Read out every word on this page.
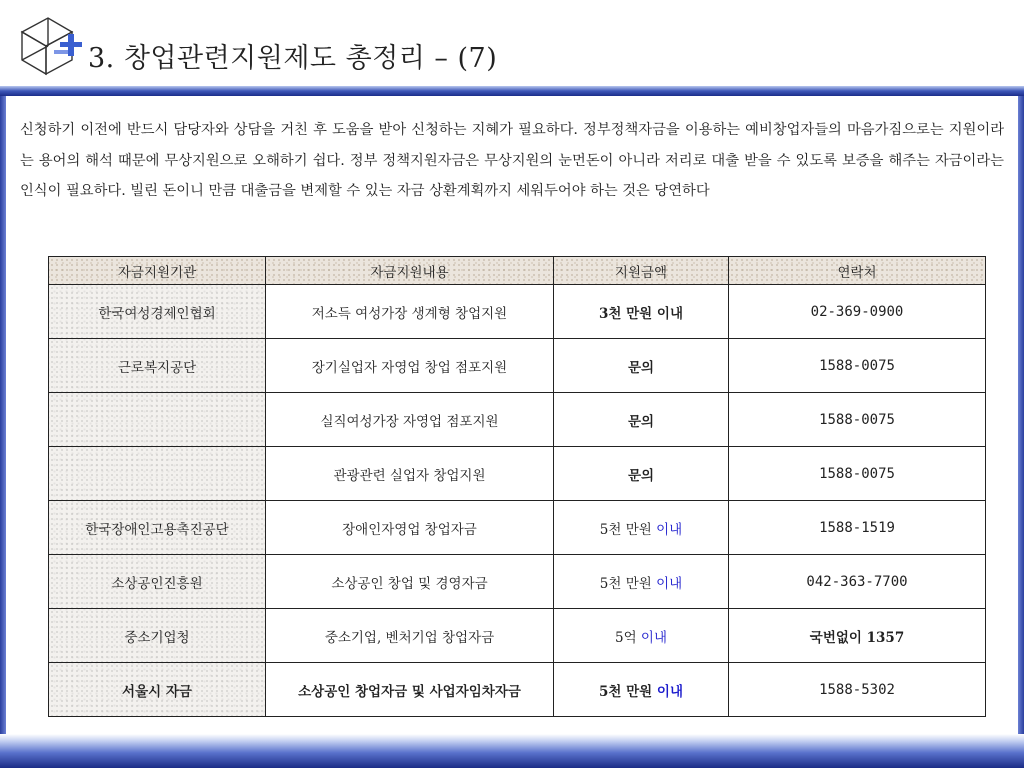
3. 창업관련지원제도 총정리 – (7)
신청하기 이전에 반드시 담당자와 상담을 거친 후 도움을 받아 신청하는 지혜가 필요하다. 정부정책자금을 이용하는 예비창업자들의 마음가짐으로는 지원이라는 용어의 해석 때문에 무상지원으로 오해하기 쉽다. 정부 정책지원자금은 무상지원의 눈먼돈이 아니라 저리로 대출 받을 수 있도록 보증을 해주는 자금이라는 인식이 필요하다. 빌린 돈이니 만큼 대출금을 변제할 수 있는 자금 상환계획까지 세워두어야 하는 것은 당연하다
자금지원기관	자금지원내용	지원금액	연락처
한국여성경제인협회	저소득 여성가장 생계형 창업지원	3천 만원 이내	02-369-0900
근로복지공단	장기실업자 자영업 창업 점포지원	문의	1588-0075
	실직여성가장 자영업 점포지원	문의	1588-0075
	관광관련 실업자 창업지원	문의	1588-0075
한국장애인고용촉진공단	장애인자영업 창업자금	5천 만원 이내	1588-1519
소상공인진흥원	소상공인 창업 및 경영자금	5천 만원 이내	042-363-7700
중소기업청	중소기업, 벤처기업 창업자금	5억 이내	국번없이 1357
서울시 자금	소상공인 창업자금 및 사업자임차자금	5천 만원 이내	1588-5302
